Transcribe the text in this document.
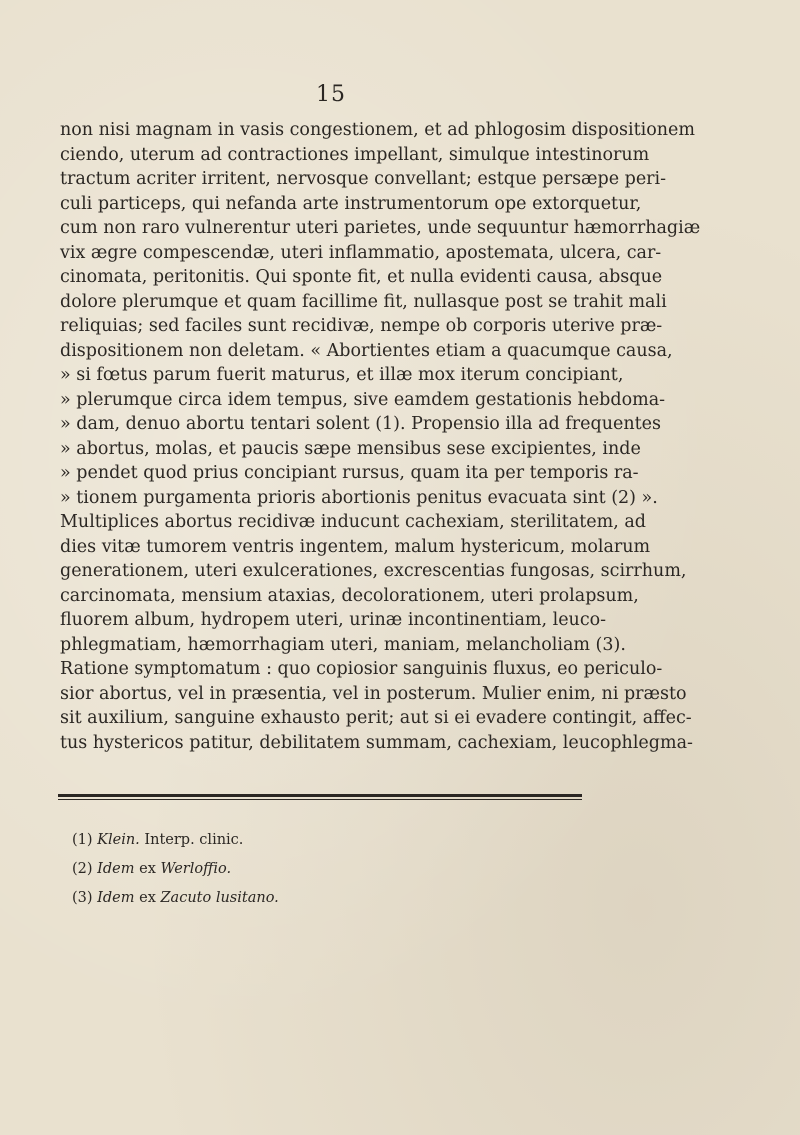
15
non nisi magnam in vasis congestionem, et ad phlogosim dispositionem
ciendo, uterum ad contractiones impellant, simulque intestinorum
tractum acriter irritent, nervosque convellant; estque persæpe peri-
culi particeps, qui nefanda arte instrumentorum ope extorquetur,
cum non raro vulnerentur uteri parietes, unde sequuntur hæmorrhagiæ
vix ægre compescendæ, uteri inflammatio, apostemata, ulcera, car-
cinomata, peritonitis. Qui sponte fit, et nulla evidenti causa, absque
dolore plerumque et quam facillime fit, nullasque post se trahit mali
reliquias; sed faciles sunt recidivæ, nempe ob corporis uterive præ-
dispositionem non deletam. « Abortientes etiam a quacumque causa,
» si fœtus parum fuerit maturus, et illæ mox iterum concipiant,
» plerumque circa idem tempus, sive eamdem gestationis hebdoma-
» dam, denuo abortu tentari solent (1). Propensio illa ad frequentes
» abortus, molas, et paucis sæpe mensibus sese excipientes, inde
» pendet quod prius concipiant rursus, quam ita per temporis ra-
» tionem purgamenta prioris abortionis penitus evacuata sint (2) ».
Multiplices abortus recidivæ inducunt cachexiam, sterilitatem, ad
dies vitæ tumorem ventris ingentem, malum hystericum, molarum
generationem, uteri exulcerationes, excrescentias fungosas, scirrhum,
carcinomata, mensium ataxias, decolorationem, uteri prolapsum,
fluorem album, hydropem uteri, urinæ incontinentiam, leuco-
phlegmatiam, hæmorrhagiam uteri, maniam, melancholiam (3).
Ratione symptomatum : quo copiosior sanguinis fluxus, eo periculo-
sior abortus, vel in præsentia, vel in posterum. Mulier enim, ni præsto
sit auxilium, sanguine exhausto perit; aut si ei evadere contingit, affec-
tus hystericos patitur, debilitatem summam, cachexiam, leucophlegma-
(1) Klein. Interp. clinic.
(2) Idem ex Werloffio.
(3) Idem ex Zacuto lusitano.
